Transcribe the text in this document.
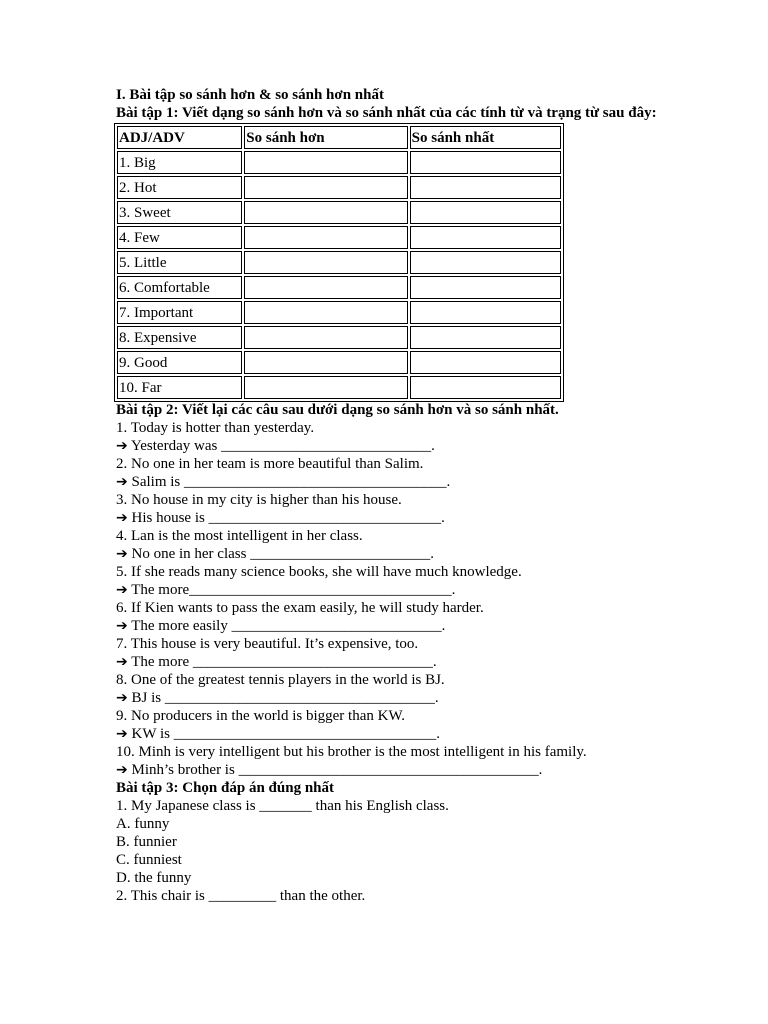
I. Bài tập so sánh hơn & so sánh hơn nhất
Bài tập 1: Viết dạng so sánh hơn và so sánh nhất của các tính từ và trạng từ sau đây:
ADJ/ADV	So sánh hơn	So sánh nhất
1. Big		
2. Hot		
3. Sweet		
4. Few		
5. Little		
6. Comfortable		
7. Important		
8. Expensive		
9. Good		
10. Far		
Bài tập 2: Viết lại các câu sau dưới dạng so sánh hơn và so sánh nhất.
1. Today is hotter than yesterday.
➔ Yesterday was ____________________________.
2. No one in her team is more beautiful than Salim.
➔ Salim is ___________________________________.
3. No house in my city is higher than his house.
➔ His house is _______________________________.
4. Lan is the most intelligent in her class.
➔ No one in her class ________________________.
5. If she reads many science books, she will have much knowledge.
➔ The more___________________________________.
6. If Kien wants to pass the exam easily, he will study harder.
➔ The more easily ____________________________.
7. This house is very beautiful. It’s expensive, too.
➔ The more ________________________________.
8. One of the greatest tennis players in the world is BJ.
➔ BJ is ____________________________________.
9. No producers in the world is bigger than KW.
➔ KW is ___________________________________.
10. Minh is very intelligent but his brother is the most intelligent in his family.
➔ Minh’s brother is ________________________________________.
Bài tập 3: Chọn đáp án đúng nhất
1. My Japanese class is _______ than his English class.
A. funny
B. funnier
C. funniest
D. the funny
2. This chair is _________ than the other.
